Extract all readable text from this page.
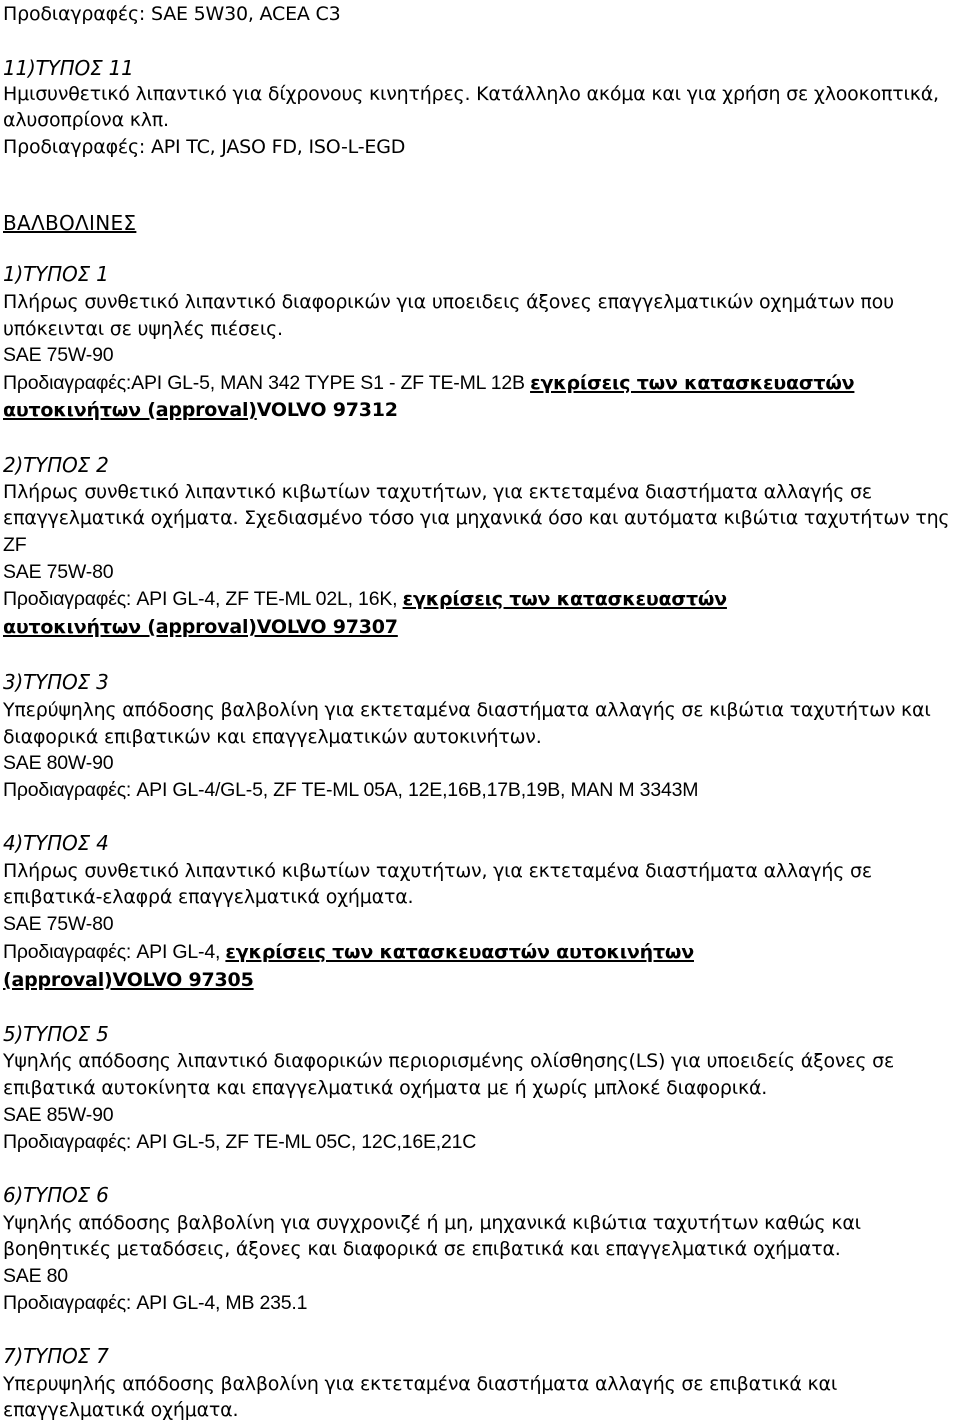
Προδιαγραφές: SAE 5W30, ACEA C3

11)ΤΥΠΟΣ 11

Ημισυνθετικό λιπαντικό για δίχρονους κινητήρες. Κατάλληλο ακόμα και για χρήση σε χλοοκοπτικά,

αλυσοπρίονα κλπ.

Προδιαγραφές: API TC, JASO FD, ISO-L-EGD

ΒΑΛΒΟΛΙΝΕΣ

1)ΤΥΠΟΣ 1

Πλήρως συνθετικό λιπαντικό διαφορικών για υποειδεις άξονες επαγγελματικών οχημάτων που

υπόκεινται σε υψηλές πιέσεις.

SAE 75W-90

Προδιαγραφές:API GL-5, MAN 342 TYPE S1 - ZF TE-ML 12B εγκρίσεις των κατασκευαστών

αυτοκινήτων (approval)VOLVO 97312

2)ΤΥΠΟΣ 2

Πλήρως συνθετικό λιπαντικό κιβωτίων ταχυτήτων, για εκτεταμένα διαστήματα αλλαγής σε

επαγγελματικά οχήματα. Σχεδιασμένο τόσο για μηχανικά όσο και αυτόματα κιβώτια ταχυτήτων της

ZF

SAE 75W-80

Προδιαγραφές: API GL-4, ZF TE-ML 02L, 16K, εγκρίσεις των κατασκευαστών

αυτοκινήτων (approval)VOLVO 97307

3)ΤΥΠΟΣ 3

Υπερύψηλης απόδοσης βαλβολίνη για εκτεταμένα διαστήματα αλλαγής σε κιβώτια ταχυτήτων και

διαφορικά επιβατικών και επαγγελματικών αυτοκινήτων.

SAE 80W-90

Προδιαγραφές: API GL-4/GL-5, ZF TE-ML 05A, 12E,16B,17B,19B, MAN M 3343M

4)ΤΥΠΟΣ 4

Πλήρως συνθετικό λιπαντικό κιβωτίων ταχυτήτων, για εκτεταμένα διαστήματα αλλαγής σε

επιβατικά-ελαφρά επαγγελματικά οχήματα.

SAE 75W-80

Προδιαγραφές: API GL-4, εγκρίσεις των κατασκευαστών αυτοκινήτων

(approval)VOLVO 97305

5)ΤΥΠΟΣ 5

Υψηλής απόδοσης λιπαντικό διαφορικών περιορισμένης ολίσθησης(LS) για υποειδείς άξονες σε

επιβατικά αυτοκίνητα και επαγγελματικά οχήματα με ή χωρίς μπλοκέ διαφορικά.

SAE 85W-90

Προδιαγραφές: API GL-5, ZF TE-ML 05C, 12C,16E,21C

6)ΤΥΠΟΣ 6

Υψηλής απόδοσης βαλβολίνη για συγχρονιζέ ή μη, μηχανικά κιβώτια ταχυτήτων καθώς και

βοηθητικές μεταδόσεις, άξονες και διαφορικά σε επιβατικά και επαγγελματικά οχήματα.

SAE 80

Προδιαγραφές: API GL-4, MB 235.1

7)ΤΥΠΟΣ 7

Υπερυψηλής απόδοσης βαλβολίνη για εκτεταμένα διαστήματα αλλαγής σε επιβατικά και

επαγγελματικά οχήματα.
